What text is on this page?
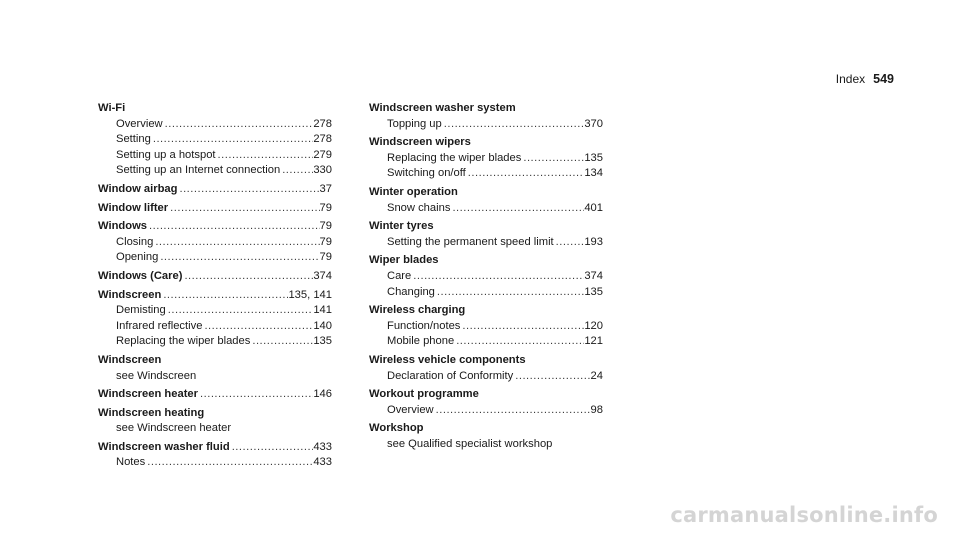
Index 549
Wi-Fi
Overview .....	278
Setting .....	278
Setting up a hotspot .....	279
Setting up an Internet connection .....	330
Window airbag .....	37
Window lifter .....	79
Windows .....	79
Closing .....	79
Opening .....	79
Windows (Care) .....	374
Windscreen .....	135, 141
Demisting .....	141
Infrared reflective .....	140
Replacing the wiper blades .....	135
Windscreen
see Windscreen
Windscreen heater .....	146
Windscreen heating
see Windscreen heater
Windscreen washer fluid .....	433
Notes .....	433
Windscreen washer system
Topping up .....	370
Windscreen wipers
Replacing the wiper blades .....	135
Switching on/off .....	134
Winter operation
Snow chains .....	401
Winter tyres
Setting the permanent speed limit .....	193
Wiper blades
Care .....	374
Changing .....	135
Wireless charging
Function/notes .....	120
Mobile phone .....	121
Wireless vehicle components
Declaration of Conformity .....	24
Workout programme
Overview .....	98
Workshop
see Qualified specialist workshop
carmanualsonline.info
